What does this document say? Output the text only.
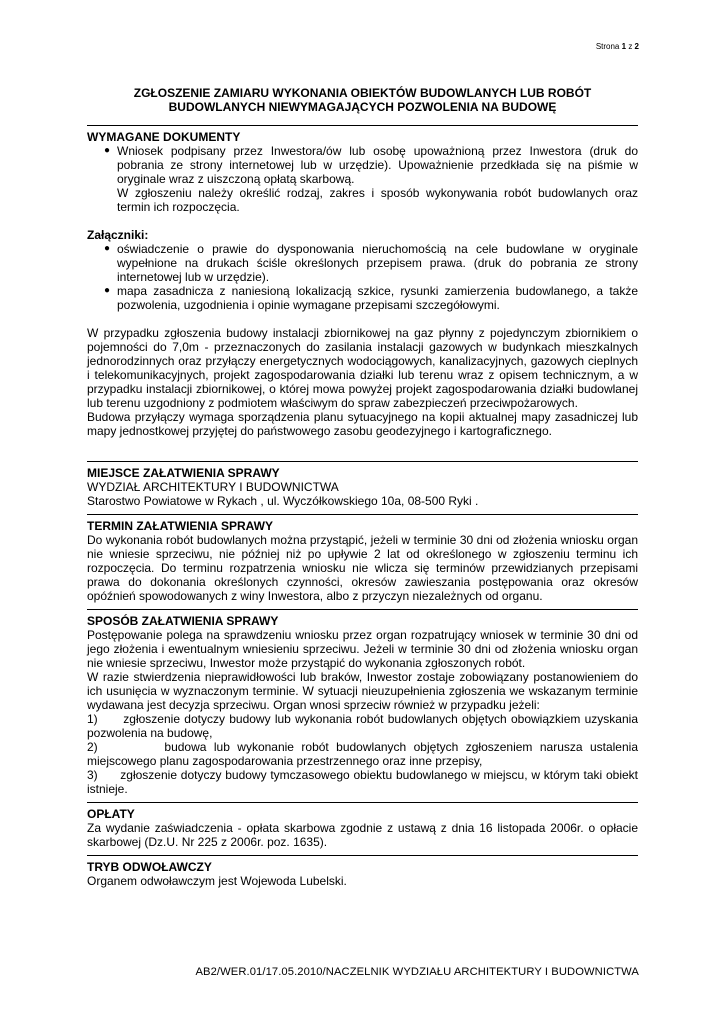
Strona 1 z 2
ZGŁOSZENIE ZAMIARU WYKONANIA OBIEKTÓW BUDOWLANYCH LUB ROBÓT
BUDOWLANYCH NIEWYMAGAJĄCYCH POZWOLENIA NA BUDOWĘ
WYMAGANE DOKUMENTY
● Wniosek podpisany przez Inwestora/ów lub osobę upoważnioną przez Inwestora (druk do pobrania ze strony internetowej lub w urzędzie). Upoważnienie przedkłada się na piśmie w oryginale wraz z uiszczoną opłatą skarbową.
W zgłoszeniu należy określić rodzaj, zakres i sposób wykonywania robót budowlanych oraz termin ich rozpoczęcia.
Załączniki:
● oświadczenie o prawie do dysponowania nieruchomością na cele budowlane w oryginale wypełnione na drukach ściśle określonych przepisem prawa. (druk do pobrania ze strony internetowej lub w urzędzie).
● mapa zasadnicza z naniesioną lokalizacją szkice, rysunki zamierzenia budowlanego, a także pozwolenia, uzgodnienia i opinie wymagane przepisami szczegółowymi.

W przypadku zgłoszenia budowy instalacji zbiornikowej na gaz płynny z pojedynczym zbiornikiem o pojemności do 7,0m - przeznaczonych do zasilania instalacji gazowych w budynkach mieszkalnych jednorodzinnych oraz przyłączy energetycznych wodociągowych, kanalizacyjnych, gazowych cieplnych i telekomunikacyjnych, projekt zagospodarowania działki lub terenu wraz z opisem technicznym, a w przypadku instalacji zbiornikowej, o której mowa powyżej projekt zagospodarowania działki budowlanej lub terenu uzgodniony z podmiotem właściwym do spraw zabezpieczeń przeciwpożarowych.

Budowa przyłączy wymaga sporządzenia planu sytuacyjnego na kopii aktualnej mapy zasadniczej lub mapy jednostkowej przyjętej do państwowego zasobu geodezyjnego i kartograficznego.

MIEJSCE ZAŁATWIENIA SPRAWY

WYDZIAŁ ARCHITEKTURY I BUDOWNICTWA

Starostwo Powiatowe w Rykach , ul. Wyczółkowskiego 10a, 08-500 Ryki .

TERMIN ZAŁATWIENIA SPRAWY

Do wykonania robót budowlanych można przystąpić, jeżeli w terminie 30 dni od złożenia wniosku organ nie wniesie sprzeciwu, nie później niż po upływie 2 lat od określonego w zgłoszeniu terminu ich rozpoczęcia. Do terminu rozpatrzenia wniosku nie wlicza się terminów przewidzianych przepisami prawa do dokonania określonych czynności, okresów zawieszania postępowania oraz okresów opóźnień spowodowanych z winy Inwestora, albo z przyczyn niezależnych od organu.

SPOSÓB ZAŁATWIENIA SPRAWY

Postępowanie polega na sprawdzeniu wniosku przez organ rozpatrujący wniosek w terminie 30 dni od jego złożenia i ewentualnym wniesieniu sprzeciwu. Jeżeli w terminie 30 dni od złożenia wniosku organ nie wniesie sprzeciwu, Inwestor może przystąpić do wykonania zgłoszonych robót.

W razie stwierdzenia nieprawidłowości lub braków, Inwestor zostaje zobowiązany postanowieniem do ich usunięcia w wyznaczonym terminie. W sytuacji nieuzupełnienia zgłoszenia we wskazanym terminie wydawana jest decyzja sprzeciwu. Organ wnosi sprzeciw również w przypadku jeżeli:

1) zgłoszenie dotyczy budowy lub wykonania robót budowlanych objętych obowiązkiem uzyskania pozwolenia na budowę,

2)	budowa lub wykonanie robót budowlanych objętych zgłoszeniem narusza ustalenia miejscowego planu zagospodarowania przestrzennego oraz inne przepisy,

3) zgłoszenie dotyczy budowy tymczasowego obiektu budowlanego w miejscu, w którym taki obiekt istnieje.

OPŁATY

Za wydanie zaświadczenia - opłata skarbowa zgodnie z ustawą z dnia 16 listopada 2006r. o opłacie skarbowej (Dz.U. Nr 225 z 2006r. poz. 1635).

TRYB ODWOŁAWCZY

Organem odwoławczym jest Wojewoda Lubelski.

AB2/WER.01/17.05.2010/NACZELNIK WYDZIAŁU ARCHITEKTURY I BUDOWNICTWA
